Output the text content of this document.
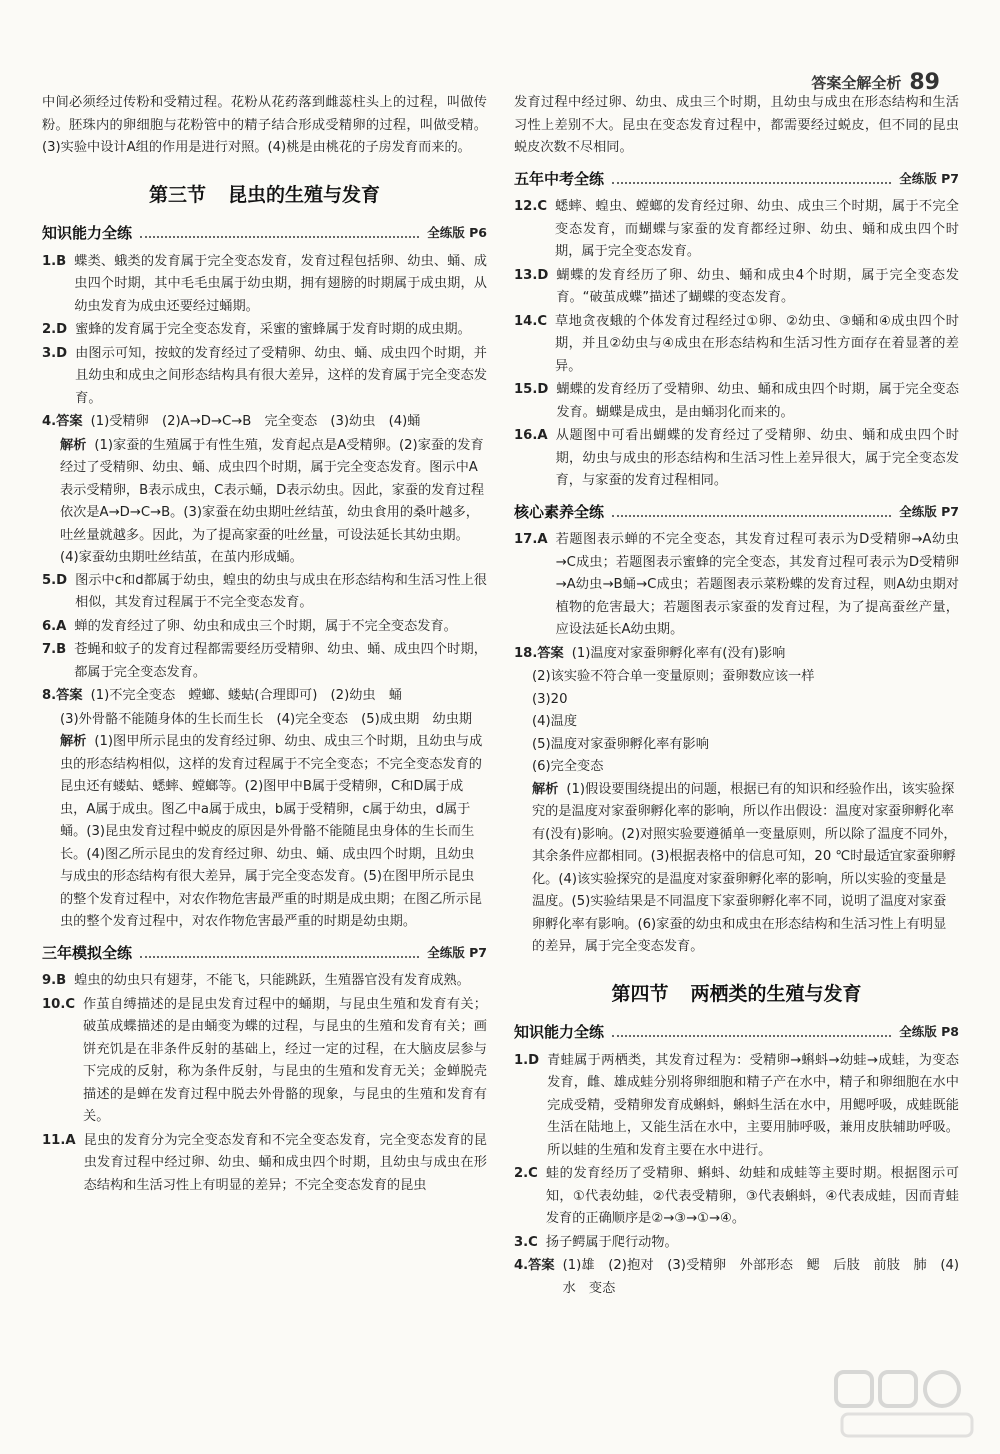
答案全解全析 89

中间必须经过传粉和受精过程。花粉从花药落到雌蕊柱头上的过程，叫做传粉。胚珠内的卵细胞与花粉管中的精子结合形成受精卵的过程，叫做受精。(3)实验中设计A组的作用是进行对照。(4)桃是由桃花的子房发育而来的。

第三节 昆虫的生殖与发育
知识能力全练	全练版 P6
1.B 蝶类、蛾类的发育属于完全变态发育，发育过程包括卵、幼虫、蛹、成虫四个时期，其中毛毛虫属于幼虫期，拥有翅膀的时期属于成虫期，从幼虫发育为成虫还要经过蛹期。
2.D 蜜蜂的发育属于完全变态发育，采蜜的蜜蜂属于发育时期的成虫期。
3.D 由图示可知，按蚊的发育经过了受精卵、幼虫、蛹、成虫四个时期，并且幼虫和成虫之间形态结构具有很大差异，这样的发育属于完全变态发育。
4.答案 (1)受精卵　(2)A→D→C→B　完全变态　(3)幼虫　(4)蛹
解析 (1)家蚕的生殖属于有性生殖，发育起点是A受精卵。(2)家蚕的发育经过了受精卵、幼虫、蛹、成虫四个时期，属于完全变态发育。图示中A表示受精卵，B表示成虫，C表示蛹，D表示幼虫。因此，家蚕的发育过程依次是A→D→C→B。(3)家蚕在幼虫期吐丝结茧，幼虫食用的桑叶越多，吐丝量就越多。因此，为了提高家蚕的吐丝量，可设法延长其幼虫期。(4)家蚕幼虫期吐丝结茧，在茧内形成蛹。
5.D 图示中c和d都属于幼虫，蝗虫的幼虫与成虫在形态结构和生活习性上很相似，其发育过程属于不完全变态发育。
6.A 蝉的发育经过了卵、幼虫和成虫三个时期，属于不完全变态发育。
7.B 苍蝇和蚊子的发育过程都需要经历受精卵、幼虫、蛹、成虫四个时期，都属于完全变态发育。
8.答案 (1)不完全变态　螳螂、蝼蛄(合理即可)　(2)幼虫　蛹
(3)外骨骼不能随身体的生长而生长　(4)完全变态　(5)成虫期　幼虫期
解析 (1)图甲所示昆虫的发育经过卵、幼虫、成虫三个时期，且幼虫与成虫的形态结构相似，这样的发育过程属于不完全变态；不完全变态发育的昆虫还有蝼蛄、蟋蟀、螳螂等。(2)图甲中B属于受精卵，C和D属于成虫，A属于成虫。图乙中a属于成虫，b属于受精卵，c属于幼虫，d属于蛹。(3)昆虫发育过程中蜕皮的原因是外骨骼不能随昆虫身体的生长而生长。(4)图乙所示昆虫的发育经过卵、幼虫、蛹、成虫四个时期，且幼虫与成虫的形态结构有很大差异，属于完全变态发育。(5)在图甲所示昆虫的整个发育过程中，对农作物危害最严重的时期是成虫期；在图乙所示昆虫的整个发育过程中，对农作物危害最严重的时期是幼虫期。
三年模拟全练	全练版 P7
9.B 蝗虫的幼虫只有翅芽，不能飞，只能跳跃，生殖器官没有发育成熟。
10.C 作茧自缚描述的是昆虫发育过程中的蛹期，与昆虫生殖和发育有关；破茧成蝶描述的是由蛹变为蝶的过程，与昆虫的生殖和发育有关；画饼充饥是在非条件反射的基础上，经过一定的过程，在大脑皮层参与下完成的反射，称为条件反射，与昆虫的生殖和发育无关；金蝉脱壳描述的是蝉在发育过程中脱去外骨骼的现象，与昆虫的生殖和发育有关。
11.A 昆虫的发育分为完全变态发育和不完全变态发育，完全变态发育的昆虫发育过程中经过卵、幼虫、蛹和成虫四个时期，且幼虫与成虫在形态结构和生活习性上有明显的差异；不完全变态发育的昆虫

发育过程中经过卵、幼虫、成虫三个时期，且幼虫与成虫在形态结构和生活习性上差别不大。昆虫在变态发育过程中，都需要经过蜕皮，但不同的昆虫蜕皮次数不尽相同。

五年中考全练	全练版 P7
12.C 蟋蟀、蝗虫、螳螂的发育经过卵、幼虫、成虫三个时期，属于不完全变态发育，而蝴蝶与家蚕的发育都经过卵、幼虫、蛹和成虫四个时期，属于完全变态发育。
13.D 蝴蝶的发育经历了卵、幼虫、蛹和成虫4个时期，属于完全变态发育。“破茧成蝶”描述了蝴蝶的变态发育。
14.C 草地贪夜蛾的个体发育过程经过①卵、②幼虫、③蛹和④成虫四个时期，并且②幼虫与④成虫在形态结构和生活习性方面存在着显著的差异。
15.D 蝴蝶的发育经历了受精卵、幼虫、蛹和成虫四个时期，属于完全变态发育。蝴蝶是成虫，是由蛹羽化而来的。
16.A 从题图中可看出蝴蝶的发育经过了受精卵、幼虫、蛹和成虫四个时期，幼虫与成虫的形态结构和生活习性上差异很大，属于完全变态发育，与家蚕的发育过程相同。
核心素养全练	全练版 P7
17.A 若题图表示蝉的不完全变态，其发育过程可表示为D受精卵→A幼虫→C成虫；若题图表示蜜蜂的完全变态，其发育过程可表示为D受精卵→A幼虫→B蛹→C成虫；若题图表示菜粉蝶的发育过程，则A幼虫期对植物的危害最大；若题图表示家蚕的发育过程，为了提高蚕丝产量，应设法延长A幼虫期。
18.答案 (1)温度对家蚕卵孵化率有(没有)影响
(2)该实验不符合单一变量原则；蚕卵数应该一样
(3)20
(4)温度
(5)温度对家蚕卵孵化率有影响
(6)完全变态
解析 (1)假设要围绕提出的问题，根据已有的知识和经验作出，该实验探究的是温度对家蚕卵孵化率的影响，所以作出假设：温度对家蚕卵孵化率有(没有)影响。(2)对照实验要遵循单一变量原则，所以除了温度不同外，其余条件应都相同。(3)根据表格中的信息可知，20 ℃时最适宜家蚕卵孵化。(4)该实验探究的是温度对家蚕卵孵化率的影响，所以实验的变量是温度。(5)实验结果是不同温度下家蚕卵孵化率不同，说明了温度对家蚕卵孵化率有影响。(6)家蚕的幼虫和成虫在形态结构和生活习性上有明显的差异，属于完全变态发育。
第四节 两栖类的生殖与发育
知识能力全练	全练版 P8
1.D 青蛙属于两栖类，其发育过程为：受精卵→蝌蚪→幼蛙→成蛙，为变态发育，雌、雄成蛙分别将卵细胞和精子产在水中，精子和卵细胞在水中完成受精，受精卵发育成蝌蚪，蝌蚪生活在水中，用鳃呼吸，成蛙既能生活在陆地上，又能生活在水中，主要用肺呼吸，兼用皮肤辅助呼吸。所以蛙的生殖和发育主要在水中进行。
2.C 蛙的发育经历了受精卵、蝌蚪、幼蛙和成蛙等主要时期。根据图示可知，①代表幼蛙，②代表受精卵，③代表蝌蚪，④代表成蛙，因而青蛙发育的正确顺序是②→③→①→④。
3.C 扬子鳄属于爬行动物。
4.答案 (1)雄　(2)抱对　(3)受精卵　外部形态　鳃　后肢　前肢　肺　(4)水　变态
